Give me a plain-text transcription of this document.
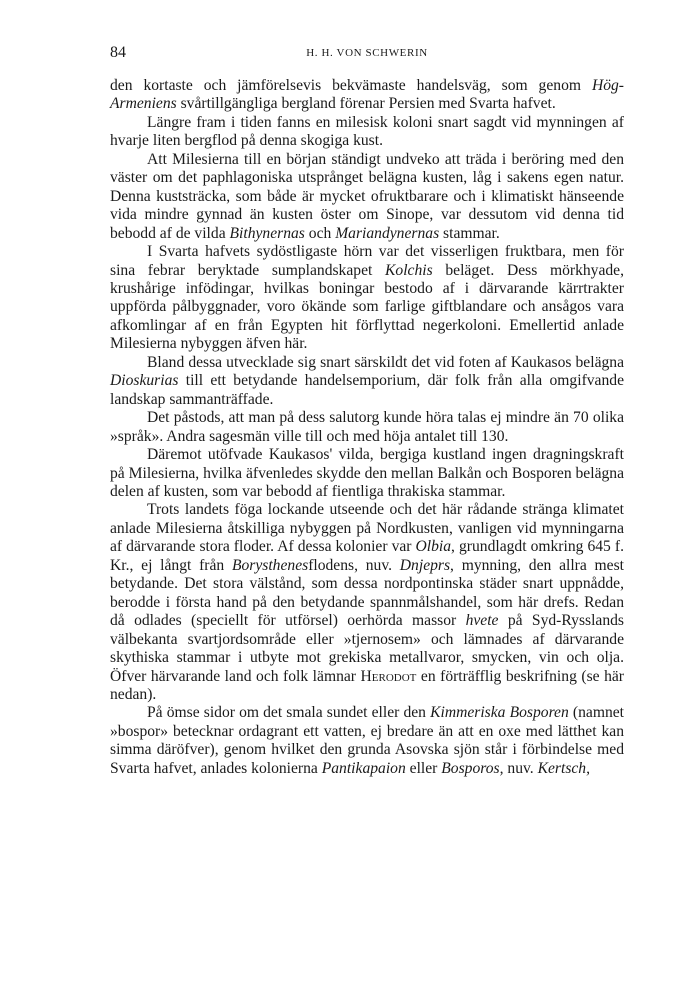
84	H. H. VON SCHWERIN

den kortaste och jämförelsevis bekvämaste handelsväg, som genom Hög-Armeniens svårtillgängliga bergland förenar Persien med Svarta hafvet.

Längre fram i tiden fanns en milesisk koloni snart sagdt vid mynningen af hvarje liten bergflod på denna skogiga kust.

Att Milesierna till en början ständigt undveko att träda i beröring med den väster om det paphlagoniska utsprånget belägna kusten, låg i sakens egen natur. Denna kuststräcka, som både är mycket ofruktbarare och i klimatiskt hänseende vida mindre gynnad än kusten öster om Sinope, var dessutom vid denna tid bebodd af de vilda Bithynernas och Mariandynernas stammar.

I Svarta hafvets sydöstligaste hörn var det visserligen fruktbara, men för sina febrar beryktade sumplandskapet Kolchis beläget. Dess mörkhyade, krushårige infödingar, hvilkas boningar bestodo af i därvarande kärrtrakter uppförda pålbyggnader, voro ökände som farlige giftblandare och ansågos vara afkomlingar af en från Egypten hit förflyttad negerkoloni. Emellertid anlade Milesierna nybyggen äfven här.

Bland dessa utvecklade sig snart särskildt det vid foten af Kaukasos belägna Dioskurias till ett betydande handelsemporium, där folk från alla omgifvande landskap sammanträffade.

Det påstods, att man på dess salutorg kunde höra talas ej mindre än 70 olika »språk». Andra sagesmän ville till och med höja antalet till 130.

Däremot utöfvade Kaukasos' vilda, bergiga kustland ingen dragningskraft på Milesierna, hvilka äfvenledes skydde den mellan Balkån och Bosporen belägna delen af kusten, som var bebodd af fientliga thrakiska stammar.

Trots landets föga lockande utseende och det här rådande stränga klimatet anlade Milesierna åtskilliga nybyggen på Nordkusten, vanligen vid mynningarna af därvarande stora floder. Af dessa kolonier var Olbia, grundlagdt omkring 645 f. Kr., ej långt från Borysthenesflodens, nuv. Dnjeprs, mynning, den allra mest betydande. Det stora välstånd, som dessa nordpontinska städer snart uppnådde, berodde i första hand på den betydande spannmålshandel, som här drefs. Redan då odlades (speciellt för utförsel) oerhörda massor hvete på Syd-Rysslands välbekanta svartjordsområde eller »tjernosem» och lämnades af därvarande skythiska stammar i utbyte mot grekiska metallvaror, smycken, vin och olja. Öfver härvarande land och folk lämnar Herodot en förträfflig beskrifning (se här nedan).

På ömse sidor om det smala sundet eller den Kimmeriska Bosporen (namnet »bospor» betecknar ordagrant ett vatten, ej bredare än att en oxe med lätthet kan simma däröfver), genom hvilket den grunda Asovska sjön står i förbindelse med Svarta hafvet, anlades kolonierna Pantikapaion eller Bosporos, nuv. Kertsch,
